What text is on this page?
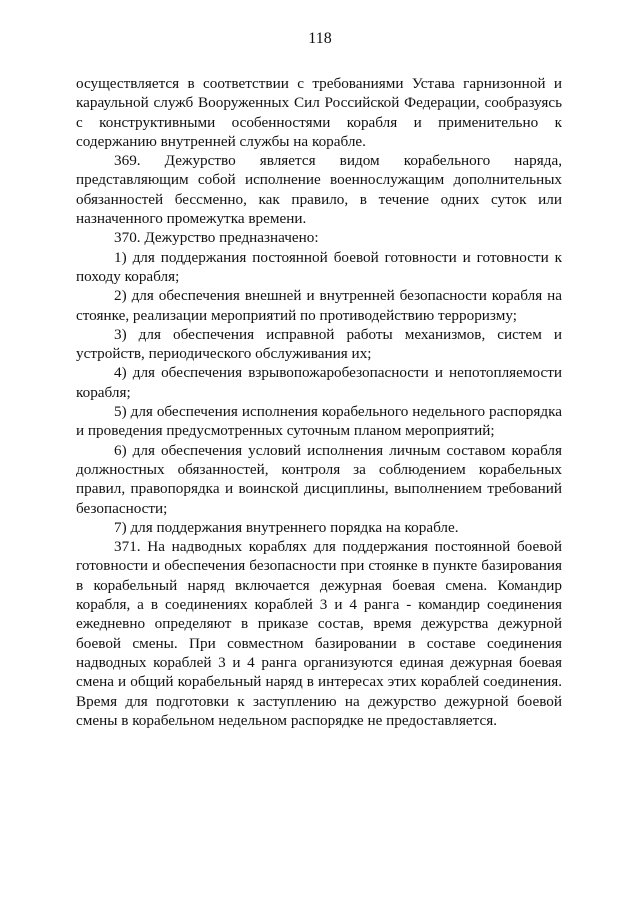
118

осуществляется в соответствии с требованиями Устава гарнизонной и караульной служб Вооруженных Сил Российской Федерации, сообразуясь с конструктивными особенностями корабля и применительно к содержанию внутренней службы на корабле.

369. Дежурство является видом корабельного наряда, представляющим собой исполнение военнослужащим дополнительных обязанностей бессменно, как правило, в течение одних суток или назначенного промежутка времени.

370. Дежурство предназначено:

1) для поддержания постоянной боевой готовности и готовности к походу корабля;

2) для обеспечения внешней и внутренней безопасности корабля на стоянке, реализации мероприятий по противодействию терроризму;

3) для обеспечения исправной работы механизмов, систем и устройств, периодического обслуживания их;

4) для обеспечения взрывопожаробезопасности и непотопляемости корабля;

5) для обеспечения исполнения корабельного недельного распорядка и проведения предусмотренных суточным планом мероприятий;

6) для обеспечения условий исполнения личным составом корабля должностных обязанностей, контроля за соблюдением корабельных правил, правопорядка и воинской дисциплины, выполнением требований безопасности;

7) для поддержания внутреннего порядка на корабле.

371. На надводных кораблях для поддержания постоянной боевой готовности и обеспечения безопасности при стоянке в пункте базирования в корабельный наряд включается дежурная боевая смена. Командир корабля, а в соединениях кораблей 3 и 4 ранга - командир соединения ежедневно определяют в приказе состав, время дежурства дежурной боевой смены. При совместном базировании в составе соединения надводных кораблей 3 и 4 ранга организуются единая дежурная боевая смена и общий корабельный наряд в интересах этих кораблей соединения. Время для подготовки к заступлению на дежурство дежурной боевой смены в корабельном недельном распорядке не предоставляется.
